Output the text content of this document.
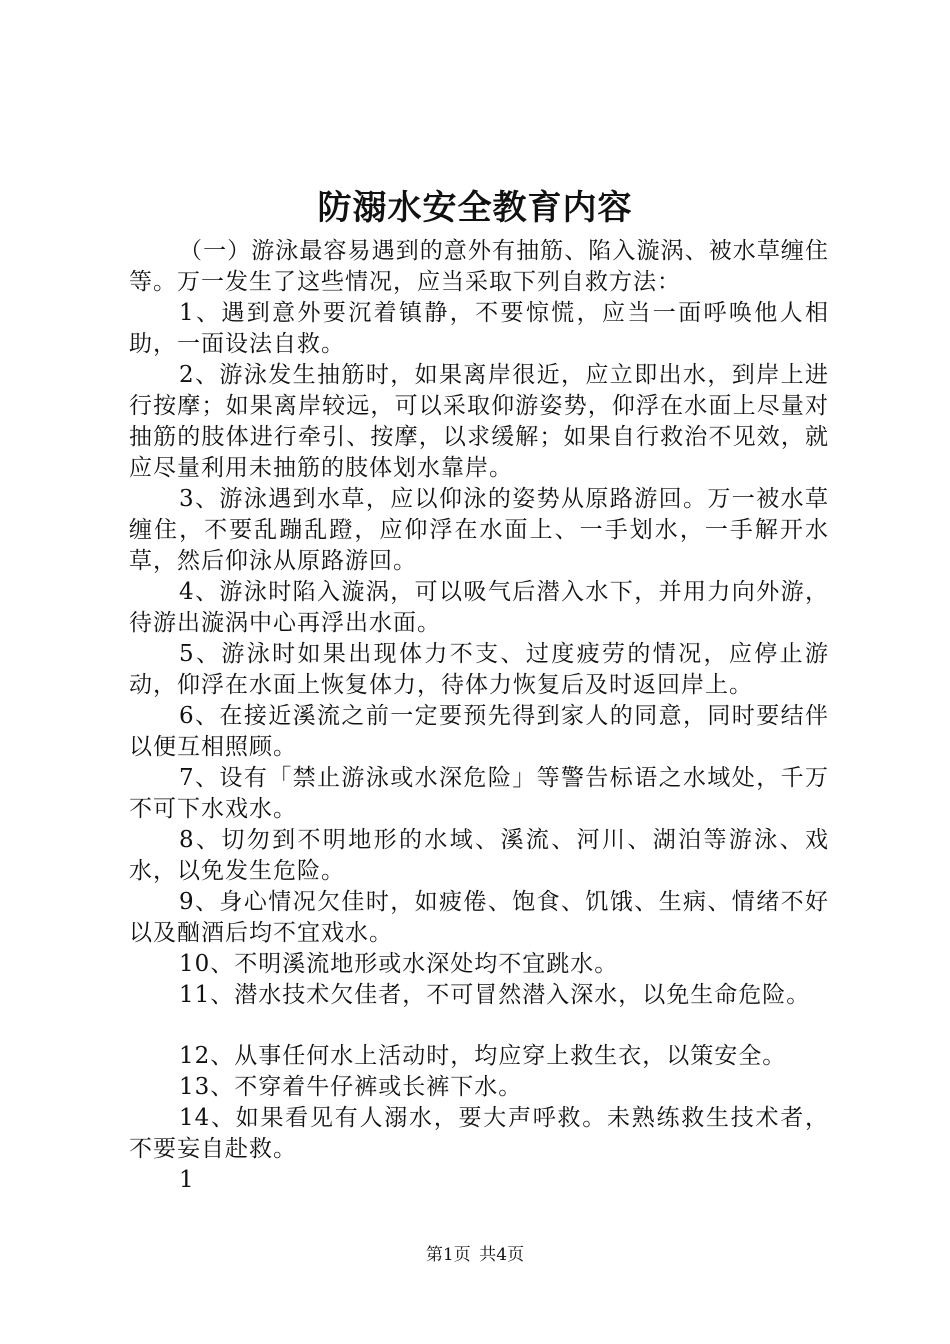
防溺水安全教育内容

（一）游泳最容易遇到的意外有抽筋、陷入漩涡、被水草缠住等。万一发生了这些情况，应当采取下列自救方法：

1、遇到意外要沉着镇静，不要惊慌，应当一面呼唤他人相助，一面设法自救。

2、游泳发生抽筋时，如果离岸很近，应立即出水，到岸上进行按摩；如果离岸较远，可以采取仰游姿势，仰浮在水面上尽量对抽筋的肢体进行牵引、按摩，以求缓解；如果自行救治不见效，就应尽量利用未抽筋的肢体划水靠岸。

3、游泳遇到水草，应以仰泳的姿势从原路游回。万一被水草缠住，不要乱蹦乱蹬，应仰浮在水面上、一手划水，一手解开水草，然后仰泳从原路游回。

4、游泳时陷入漩涡，可以吸气后潜入水下，并用力向外游，待游出漩涡中心再浮出水面。

5、游泳时如果出现体力不支、过度疲劳的情况，应停止游动，仰浮在水面上恢复体力，待体力恢复后及时返回岸上。

6、在接近溪流之前一定要预先得到家人的同意，同时要结伴以便互相照顾。

7、设有「禁止游泳或水深危险」等警告标语之水域处，千万不可下水戏水。

8、切勿到不明地形的水域、溪流、河川、湖泊等游泳、戏水，以免发生危险。

9、身心情况欠佳时，如疲倦、饱食、饥饿、生病、情绪不好以及酗酒后均不宜戏水。

10、不明溪流地形或水深处均不宜跳水。

11、潜水技术欠佳者，不可冒然潜入深水，以免生命危险。

12、从事任何水上活动时，均应穿上救生衣，以策安全。

13、不穿着牛仔裤或长裤下水。

14、如果看见有人溺水，要大声呼救。未熟练救生技术者，不要妄自赴救。

1

第1页  共4页
